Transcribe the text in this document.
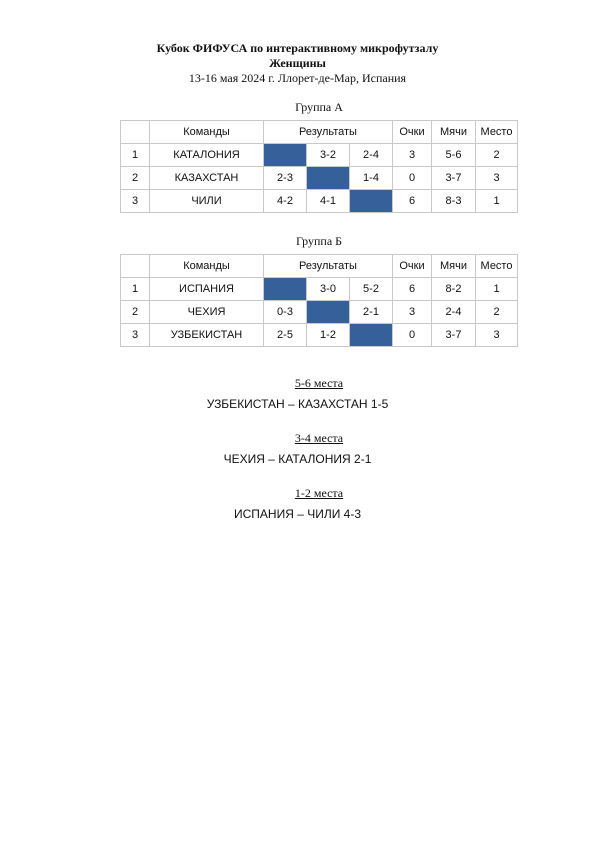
Кубок ФИФУСА по интерактивному микрофутзалу
Женщины
13-16 мая 2024 г. Ллорет-де-Мар, Испания
Группа А
	Команды	Результаты			Очки	Мячи	Место
1	КАТАЛОНИЯ		3-2	2-4	3	5-6	2
2	КАЗАХСТАН	2-3		1-4	0	3-7	3
3	ЧИЛИ	4-2	4-1		6	8-3	1
Группа Б
	Команды	Результаты			Очки	Мячи	Место
1	ИСПАНИЯ		3-0	5-2	6	8-2	1
2	ЧЕХИЯ	0-3		2-1	3	2-4	2
3	УЗБЕКИСТАН	2-5	1-2		0	3-7	3
5-6 места
УЗБЕКИСТАН – КАЗАХСТАН 1-5
3-4 места
ЧЕХИЯ – КАТАЛОНИЯ 2-1
1-2 места
ИСПАНИЯ – ЧИЛИ 4-3
